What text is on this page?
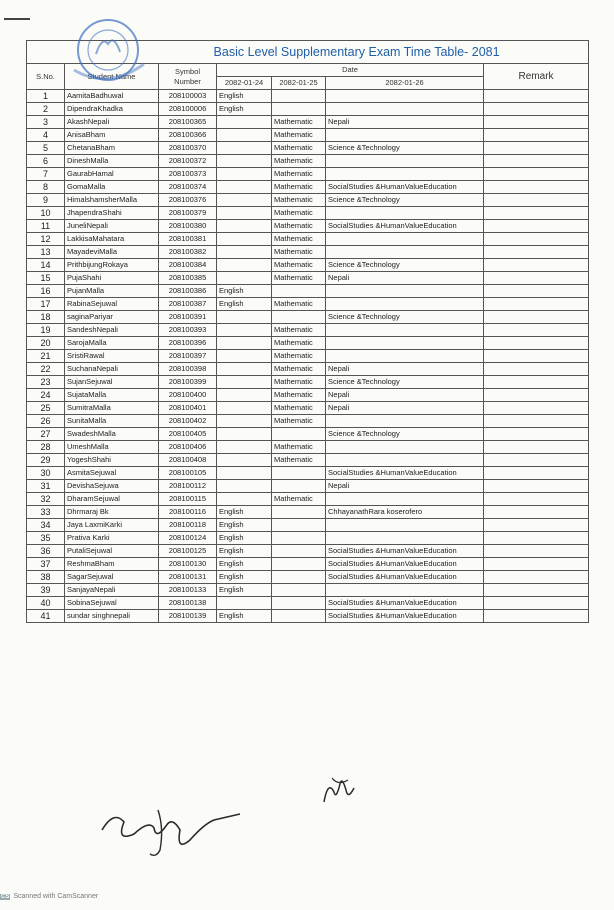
Basic Level Supplementary Exam Time Table- 2081						
S.No.	Student Name	Symbol Number	Date			Remark
			2082-01-24	2082-01-25	2082-01-26	
1	AamitaBadhuwal	208100003	English			
2	DipendraKhadka	208100006	English			
3	AkashNepali	208100365		Mathematic	Nepali	
4	AnisaBham	208100366		Mathematic		
5	ChetanaBham	208100370		Mathematic	Science &Technology	
6	DineshMalla	208100372		Mathematic		
7	GaurabHamal	208100373		Mathematic		
8	GomaMalla	208100374		Mathematic	SocialStudies &HumanValueEducation	
9	HimalshamsherMalla	208100376		Mathematic	Science &Technology	
10	JhapendraShahi	208100379		Mathematic		
11	JuneliNepali	208100380		Mathematic	SocialStudies &HumanValueEducation	
12	LakkisaMahatara	208100381		Mathematic		
13	MayadeviMalla	208100382		Mathematic		
14	PrithbijungRokaya	208100384		Mathematic	Science &Technology	
15	PujaShahi	208100385		Mathematic	Nepali	
16	PujanMalla	208100386	English			
17	RabinaSejuwal	208100387	English	Mathematic		
18	saginaPariyar	208100391			Science &Technology	
19	SandeshNepali	208100393		Mathematic		
20	SarojaMalla	208100396		Mathematic		
21	SristiRawal	208100397		Mathematic		
22	SuchanaNepali	208100398		Mathematic	Nepali	
23	SujanSejuwal	208100399		Mathematic	Science &Technology	
24	SujataMalla	208100400		Mathematic	Nepali	
25	SumitraMalla	208100401		Mathematic	Nepali	
26	SunitaMalla	208100402		Mathematic		
27	SwadeshMalla	208100405			Science &Technology	
28	UmeshMalla	208100406		Mathematic		
29	YogeshShahi	208100408		Mathematic		
30	AsmitaSejuwal	208100105			SocialStudies &HumanValueEducation	
31	DevishaSejuwa	208100112			Nepali	
32	DharamSejuwal	208100115		Mathematic		
33	Dhrmaraj Bk	208100116	English		ChhayanathRara koserofero	
34	Jaya LaxmiKarki	208100118	English			
35	Prativa Karki	208100124	English			
36	PutaliSejuwal	208100125	English		SocialStudies &HumanValueEducation	
37	ReshmaBham	208100130	English		SocialStudies &HumanValueEducation	
38	SagarSejuwal	208100131	English		SocialStudies &HumanValueEducation	
39	SanjayaNepali	208100133	English			
40	SobinaSejuwal	208100138			SocialStudies &HumanValueEducation	
41	sundar singhnepali	208100139	English		SocialStudies &HumanValueEducation	
CS Scanned with CamScanner
